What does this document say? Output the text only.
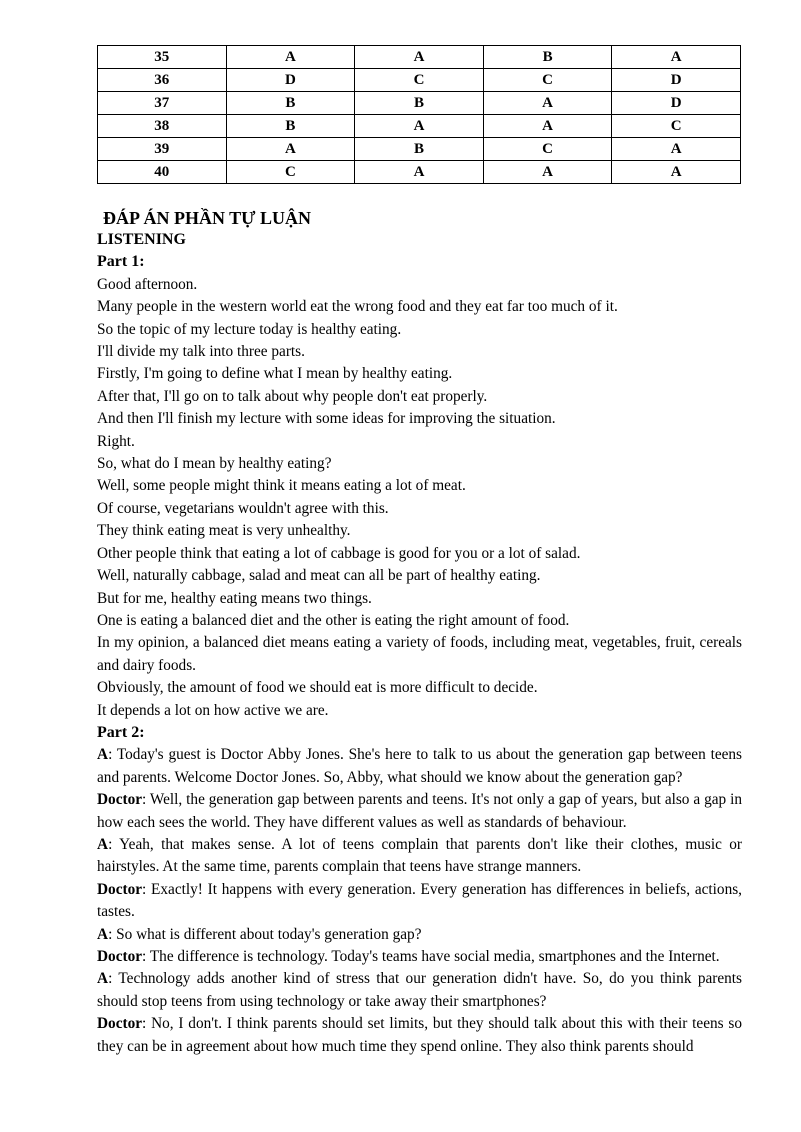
35	A	A	B	A
36	D	C	C	D
37	B	B	A	D
38	B	A	A	C
39	A	B	C	A
40	C	A	A	A
ĐÁP ÁN PHẦN TỰ LUẬN
LISTENING
Part 1:

Good afternoon.

Many people in the western world eat the wrong food and they eat far too much of it.

So the topic of my lecture today is healthy eating.

I'll divide my talk into three parts.

Firstly, I'm going to define what I mean by healthy eating.

After that, I'll go on to talk about why people don't eat properly.

And then I'll finish my lecture with some ideas for improving the situation.

Right.

So, what do I mean by healthy eating?

Well, some people might think it means eating a lot of meat.

Of course, vegetarians wouldn't agree with this.

They think eating meat is very unhealthy.

Other people think that eating a lot of cabbage is good for you or a lot of salad.

Well, naturally cabbage, salad and meat can all be part of healthy eating.

But for me, healthy eating means two things.

One is eating a balanced diet and the other is eating the right amount of food.

In my opinion, a balanced diet means eating a variety of foods, including meat, vegetables, fruit, cereals and dairy foods.

Obviously, the amount of food we should eat is more difficult to decide.

It depends a lot on how active we are.

Part 2:

A: Today's guest is Doctor Abby Jones. She's here to talk to us about the generation gap between teens and parents. Welcome Doctor Jones. So, Abby, what should we know about the generation gap?

Doctor: Well, the generation gap between parents and teens. It's not only a gap of years, but also a gap in how each sees the world. They have different values as well as standards of behaviour.

A: Yeah, that makes sense. A lot of teens complain that parents don't like their clothes, music or hairstyles. At the same time, parents complain that teens have strange manners.

Doctor: Exactly! It happens with every generation. Every generation has differences in beliefs, actions, tastes.

A: So what is different about today's generation gap?

Doctor: The difference is technology. Today's teams have social media, smartphones and the Internet.

A: Technology adds another kind of stress that our generation didn't have. So, do you think parents should stop teens from using technology or take away their smartphones?

Doctor: No, I don't. I think parents should set limits, but they should talk about this with their teens so they can be in agreement about how much time they spend online. They also think parents should
